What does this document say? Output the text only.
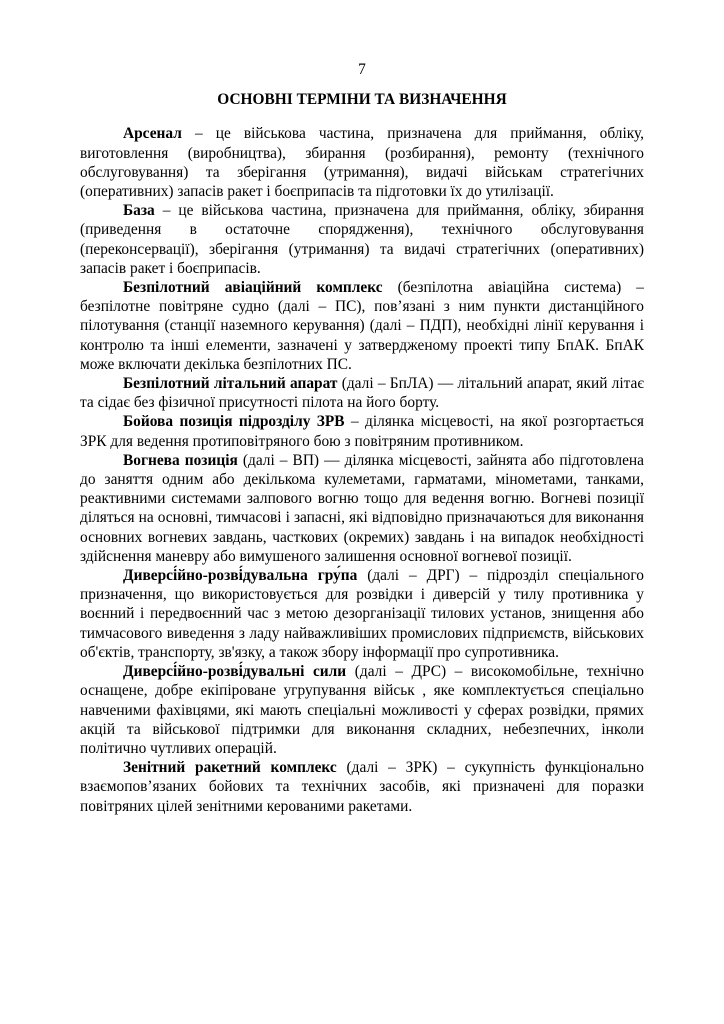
7
ОСНОВНІ ТЕРМІНИ ТА ВИЗНАЧЕННЯ

Арсенал – це військова частина, призначена для приймання, обліку, виготовлення (виробництва), збирання (розбирання), ремонту (технічного обслуговування) та зберігання (утримання), видачі військам стратегічних (оперативних) запасів ракет і боєприпасів та підготовки їх до утилізації.

База – це військова частина, призначена для приймання, обліку, збирання (приведення в остаточне спорядження), технічного обслуговування (переконсервації), зберігання (утримання) та видачі стратегічних (оперативних) запасів ракет і боєприпасів.

Безпілотний авіаційний комплекс (безпілотна авіаційна система) – безпілотне повітряне судно (далі – ПС), пов’язані з ним пункти дистанційного пілотування (станції наземного керування) (далі – ПДП), необхідні лінії керування і контролю та інші елементи, зазначені у затвердженому проекті типу БпАК. БпАК може включати декілька безпілотних ПС.

Безпілотний літальний апарат (далі – БпЛА) — літальний апарат, який літає та сідає без фізичної присутності пілота на його борту.

Бойова позиція підрозділу ЗРВ – ділянка місцевості, на якої розгортається ЗРК для ведення протиповітряного бою з повітряним противником.

Вогнева позиція (далі – ВП) — ділянка місцевості, зайнята або підготовлена до заняття одним або декількома кулеметами, гарматами, мінометами, танками, реактивними системами залпового вогню тощо для ведення вогню. Вогневі позиції діляться на основні, тимчасові і запасні, які відповідно призначаються для виконання основних вогневих завдань, часткових (окремих) завдань і на випадок необхідності здійснення маневру або вимушеного залишення основної вогневої позиції.

Диверсі́йно-розві́дувальна гру́па (далі – ДРГ) – підрозділ спеціального призначення, що використовується для розвідки і диверсій у тилу противника у воєнний і передвоєнний час з метою дезорганізації тилових установ, знищення або тимчасового виведення з ладу найважливіших промислових підприємств, військових об'єктів, транспорту, зв'язку, а також збору інформації про супротивника.

Диверсі́йно-розві́дувальні сили (далі – ДРС) – високомобільне, технічно оснащене, добре екіпіроване угрупування військ , яке комплектується спеціально навченими фахівцями, які мають спеціальні можливості у сферах розвідки, прямих акцій та військової підтримки для виконання складних, небезпечних, інколи політично чутливих операцій.

Зенітний ракетний комплекс (далі – ЗРК) – сукупність функціонально взаємопов’язаних бойових та технічних засобів, які призначені для поразки повітряних цілей зенітними керованими ракетами.
